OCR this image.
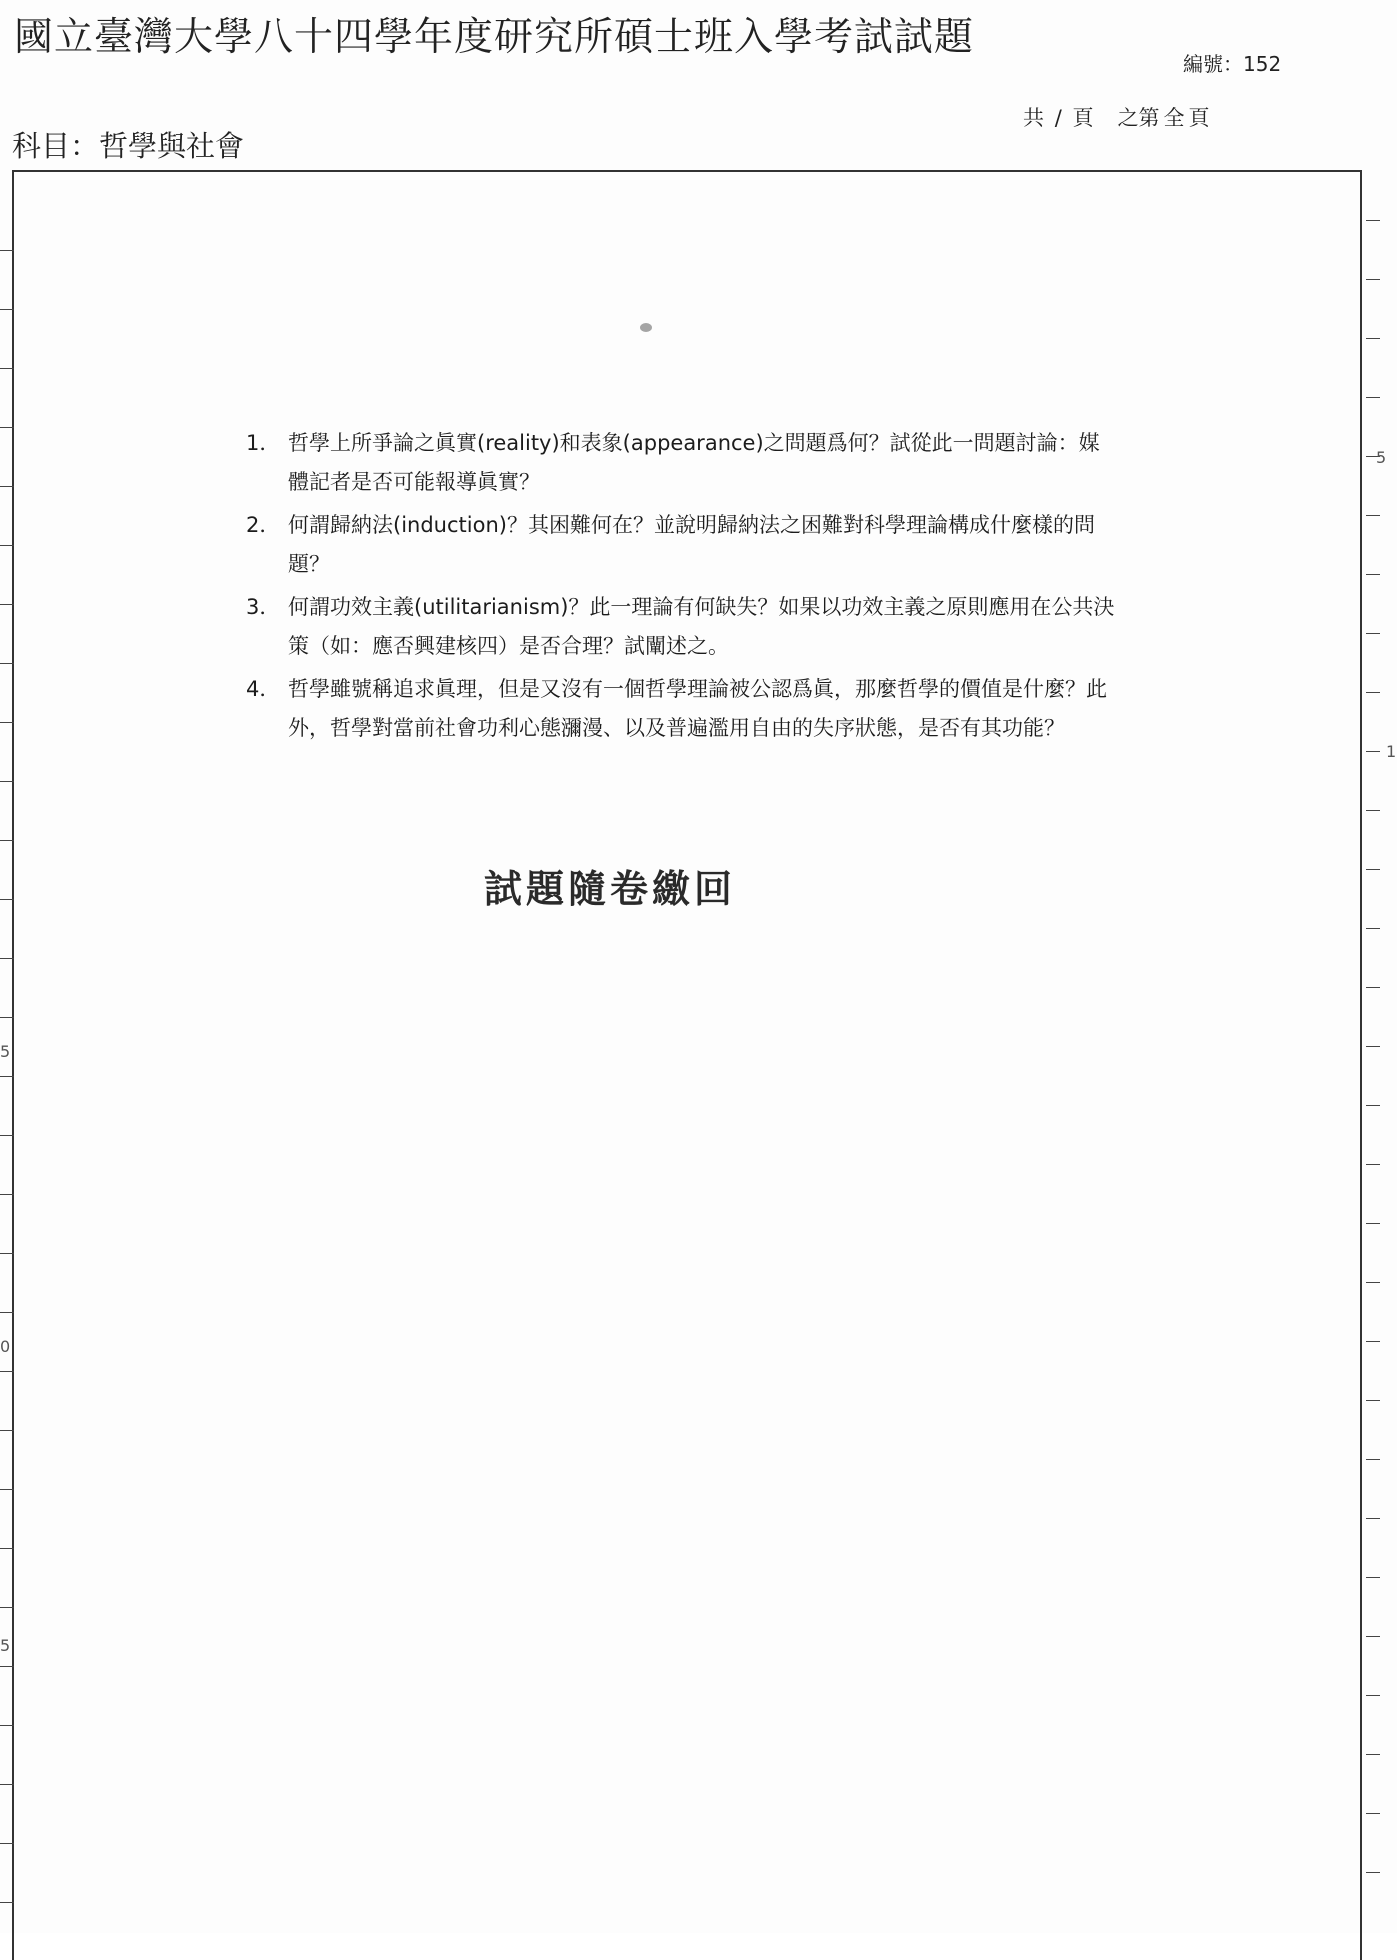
國立臺灣大學八十四學年度研究所碩士班入學考試試題
編號：152
共 / 頁 之第 全 頁
科目：哲學與社會
5
1
5
0
5
1． 哲學上所爭論之眞實(reality)和表象(appearance)之問題爲何？試從此一問題討論：媒體記者是否可能報導眞實？
2． 何謂歸納法(induction)？其困難何在？並說明歸納法之困難對科學理論構成什麼樣的問題？
3． 何謂功效主義(utilitarianism)？此一理論有何缺失？如果以功效主義之原則應用在公共決策（如：應否興建核四）是否合理？試闡述之。
4． 哲學雖號稱追求眞理，但是又沒有一個哲學理論被公認爲眞，那麼哲學的價值是什麼？此外，哲學對當前社會功利心態瀰漫、以及普遍濫用自由的失序狀態，是否有其功能？
試題隨卷繳回
